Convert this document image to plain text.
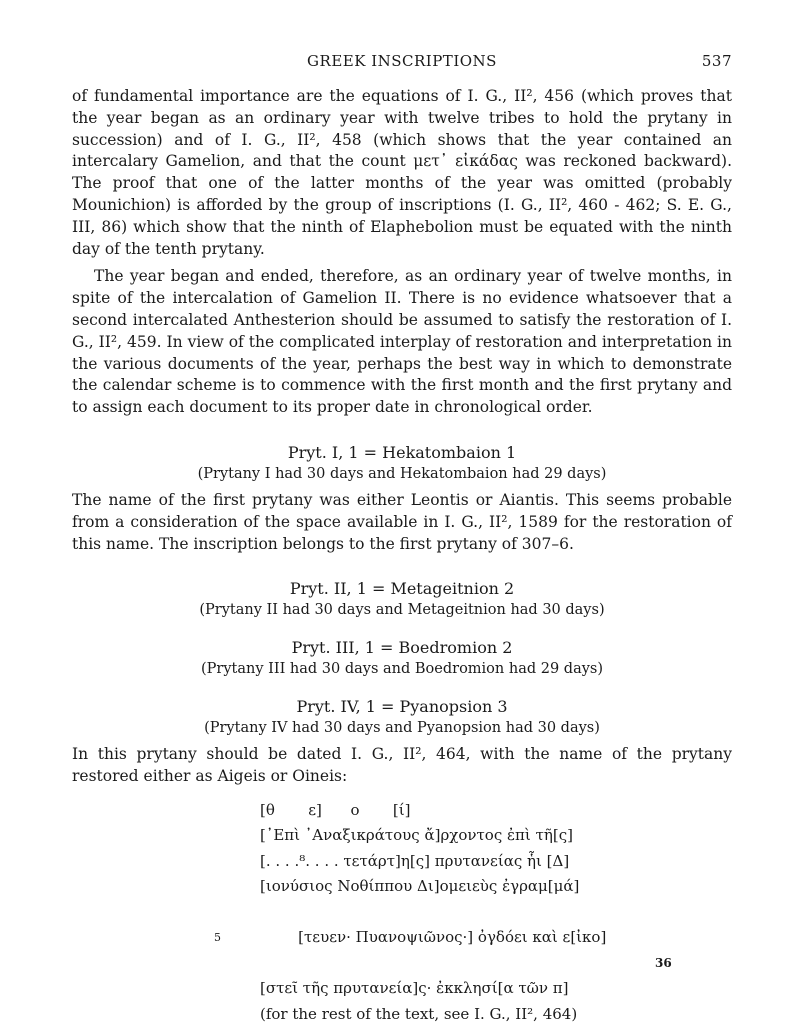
GREEK INSCRIPTIONS	537

of fundamental importance are the equations of I. G., II², 456 (which proves that the year began as an ordinary year with twelve tribes to hold the prytany in succession) and of I. G., II², 458 (which shows that the year contained an intercalary Gamelion, and that the count μετ᾽ εἰκάδας was reckoned backward). The proof that one of the latter months of the year was omitted (probably Mounichion) is afforded by the group of inscriptions (I. G., II², 460 - 462; S. E. G., III, 86) which show that the ninth of Elaphebolion must be equated with the ninth day of the tenth prytany.

The year began and ended, therefore, as an ordinary year of twelve months, in spite of the intercalation of Gamelion II. There is no evidence whatsoever that a second intercalated Anthesterion should be assumed to satisfy the restoration of I. G., II², 459. In view of the complicated interplay of restoration and interpretation in the various documents of the year, perhaps the best way in which to demonstrate the calendar scheme is to commence with the first month and the first prytany and to assign each document to its proper date in chronological order.

Pryt. I, 1 = Hekatombaion 1
(Prytany I had 30 days and Hekatombaion had 29 days)

The name of the first prytany was either Leontis or Aiantis. This seems probable from a consideration of the space available in I. G., II², 1589 for the restoration of this name. The inscription belongs to the first prytany of 307–6.

Pryt. II, 1 = Metageitnion 2
(Prytany II had 30 days and Metageitnion had 30 days)
Pryt. III, 1 = Boedromion 2
(Prytany III had 30 days and Boedromion had 29 days)
Pryt. IV, 1 = Pyanopsion 3
(Prytany IV had 30 days and Pyanopsion had 30 days)

In this prytany should be dated I. G., II², 464, with the name of the prytany restored either as Aigeis or Oineis:

[θ       ε]      ο       [ί]
[᾽Επὶ ᾽Αναξικράτους ἄ]ρχοντος ἐπὶ τῆ[ς]
[. . . .⁸. . . . τετάρτ]η[ς] πρυτανείας ἧι [Δ]
[ιονύσιος Νοθίππου Δι]ομειεὺς ἐγραμ[μά]

5	[τευεν· Πυανοψιῶνος·] ὀγδόει καὶ ε[ἰκο]

[στεῖ τῆς πρυτανεία]ς· ἐκκλησί[α τῶν π]
(for the rest of the text, see I. G., II², 464)
36
